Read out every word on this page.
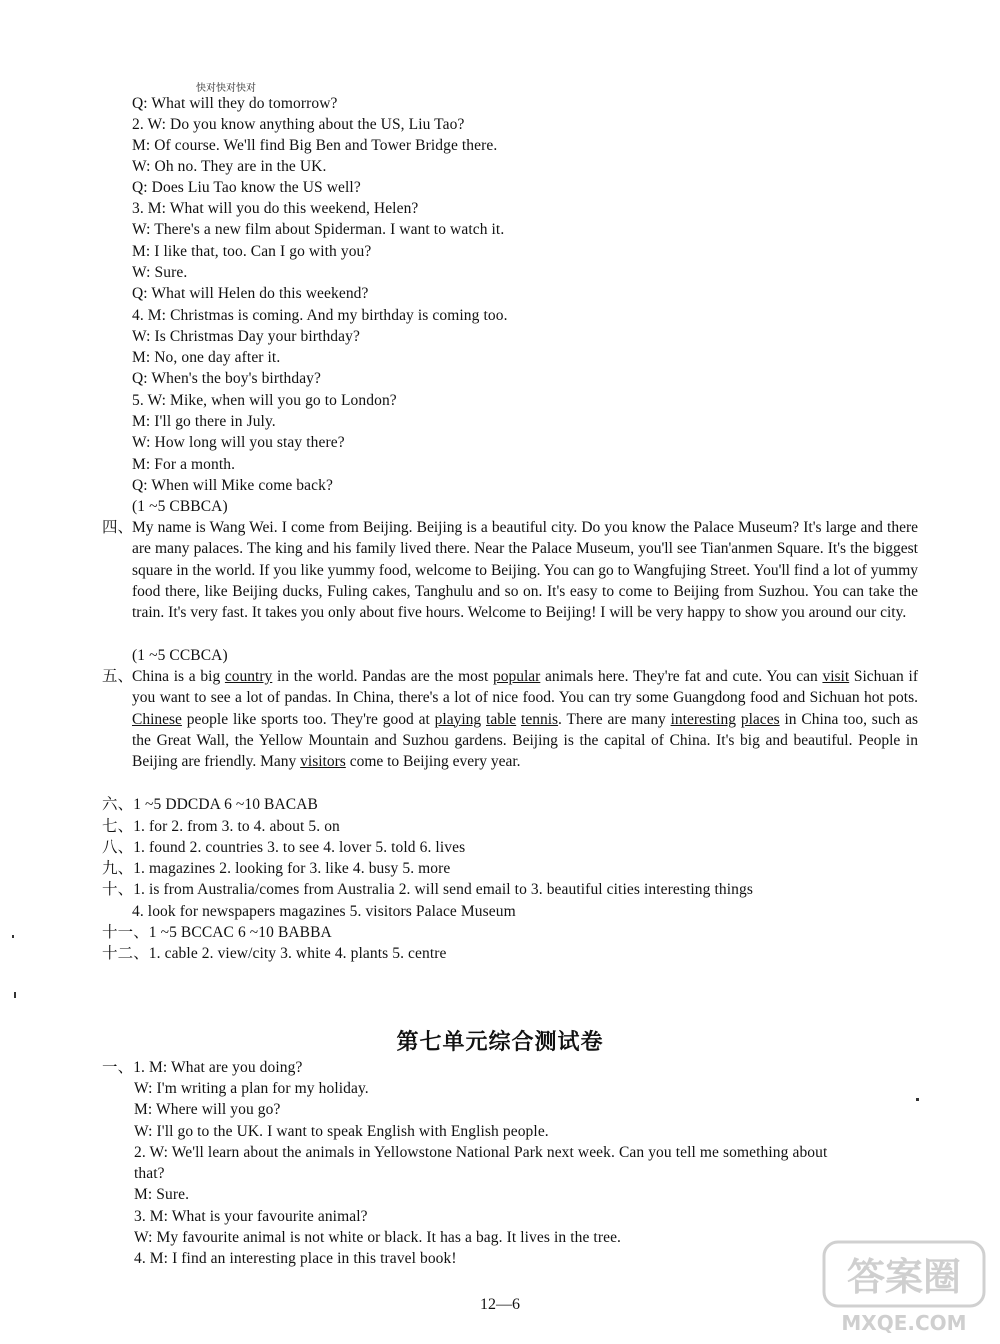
快对快对快对
Q: What will they do tomorrow?
2. W: Do you know anything about the US, Liu Tao?
M: Of course. We'll find Big Ben and Tower Bridge there.
W: Oh no. They are in the UK.
Q: Does Liu Tao know the US well?
3. M: What will you do this weekend, Helen?
W: There's a new film about Spiderman. I want to watch it.
M: I like that, too. Can I go with you?
W: Sure.
Q: What will Helen do this weekend?
4. M: Christmas is coming. And my birthday is coming too.
W: Is Christmas Day your birthday?
M: No, one day after it.
Q: When's the boy's birthday?
5. W: Mike, when will you go to London?
M: I'll go there in July.
W: How long will you stay there?
M: For a month.
Q: When will Mike come back?
(1 ~5 CBBCA)
四、
My name is Wang Wei. I come from Beijing. Beijing is a beautiful city. Do you know the Palace Museum? It's large and there are many palaces. The king and his family lived there. Near the Palace Museum, you'll see Tian'anmen Square. It's the biggest square in the world. If you like yummy food, welcome to Beijing. You can go to Wangfujing Street. You'll find a lot of yummy food there, like Beijing ducks, Fuling cakes, Tanghulu and so on. It's easy to come to Beijing from Suzhou. You can take the train. It's very fast. It takes you only about five hours. Welcome to Beijing! I will be very happy to show you around our city.
(1 ~5 CCBCA)
五、
China is a big country in the world. Pandas are the most popular animals here. They're fat and cute. You can visit Sichuan if you want to see a lot of pandas. In China, there's a lot of nice food. You can try some Guangdong food and Sichuan hot pots. Chinese people like sports too. They're good at playing table tennis. There are many interesting places in China too, such as the Great Wall, the Yellow Mountain and Suzhou gardens. Beijing is the capital of China. It's big and beautiful. People in Beijing are friendly. Many visitors come to Beijing every year.
六、1 ~5 DDCDA 6 ~10 BACAB
七、1. for 2. from 3. to 4. about 5. on
八、1. found 2. countries 3. to see 4. lover 5. told 6. lives
九、1. magazines 2. looking for 3. like 4. busy 5. more
十、1. is from Australia/comes from Australia 2. will send email to 3. beautiful cities interesting things
4. look for newspapers magazines 5. visitors Palace Museum
十一、1 ~5 BCCAC 6 ~10 BABBA
十二、1. cable 2. view/city 3. white 4. plants 5. centre
第七单元综合测试卷
一、1. M: What are you doing?
W: I'm writing a plan for my holiday.
M: Where will you go?
W: I'll go to the UK. I want to speak English with English people.
2. W: We'll learn about the animals in Yellowstone National Park next week. Can you tell me something about
that?
M: Sure.
3. M: What is your favourite animal?
W: My favourite animal is not white or black. It has a bag. It lives in the tree.
4. M: I find an interesting place in this travel book!
12—6
答案圈
MXQE.COM
